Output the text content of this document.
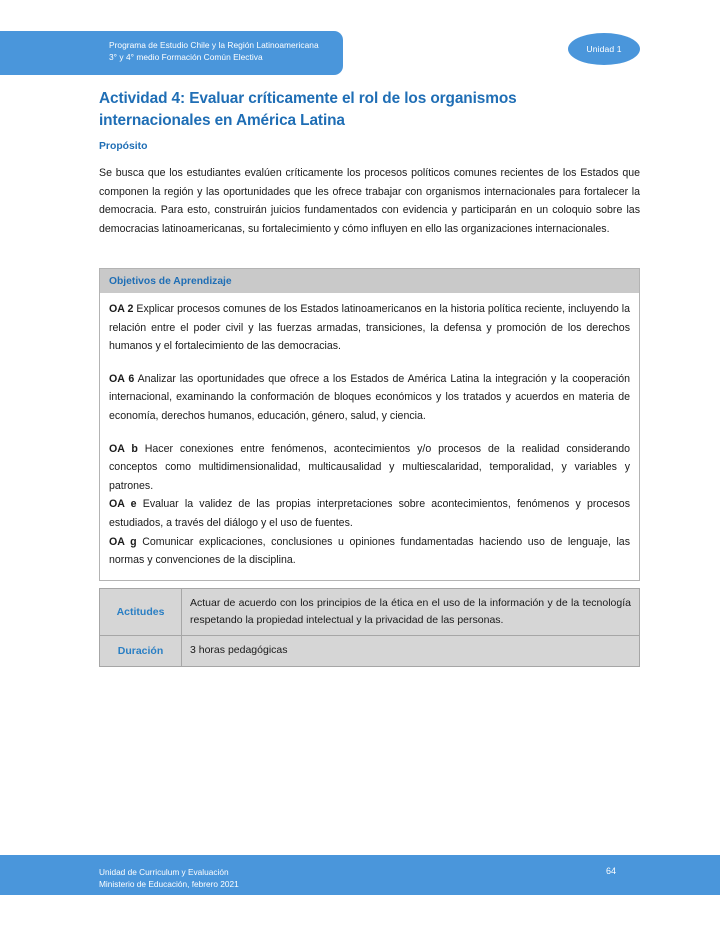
Programa de Estudio Chile y la Región Latinoamericana
3° y 4° medio Formación Común Electiva
Unidad 1
Actividad 4: Evaluar críticamente el rol de los organismos internacionales en América Latina
Propósito
Se busca que los estudiantes evalúen críticamente los procesos políticos comunes recientes de los Estados que componen la región y las oportunidades que les ofrece trabajar con organismos internacionales para fortalecer la democracia. Para esto, construirán juicios fundamentados con evidencia y participarán en un coloquio sobre las democracias latinoamericanas, su fortalecimiento y cómo influyen en ello las organizaciones internacionales.
Objetivos de Aprendizaje

OA 2 Explicar procesos comunes de los Estados latinoamericanos en la historia política reciente, incluyendo la relación entre el poder civil y las fuerzas armadas, transiciones, la defensa y promoción de los derechos humanos y el fortalecimiento de las democracias.

OA 6 Analizar las oportunidades que ofrece a los Estados de América Latina la integración y la cooperación internacional, examinando la conformación de bloques económicos y los tratados y acuerdos en materia de economía, derechos humanos, educación, género, salud, y ciencia.

OA b Hacer conexiones entre fenómenos, acontecimientos y/o procesos de la realidad considerando conceptos como multidimensionalidad, multicausalidad y multiescalaridad, temporalidad, y variables y patrones.

OA e Evaluar la validez de las propias interpretaciones sobre acontecimientos, fenómenos y procesos estudiados, a través del diálogo y el uso de fuentes.

OA g Comunicar explicaciones, conclusiones u opiniones fundamentadas haciendo uso de lenguaje, las normas y convenciones de la disciplina.

Actitudes	Actuar de acuerdo con los principios de la ética en el uso de la información y de la tecnología respetando la propiedad intelectual y la privacidad de las personas.
Duración	3 horas pedagógicas
Unidad de Curriculum y Evaluación
Ministerio de Educación, febrero 2021
64
